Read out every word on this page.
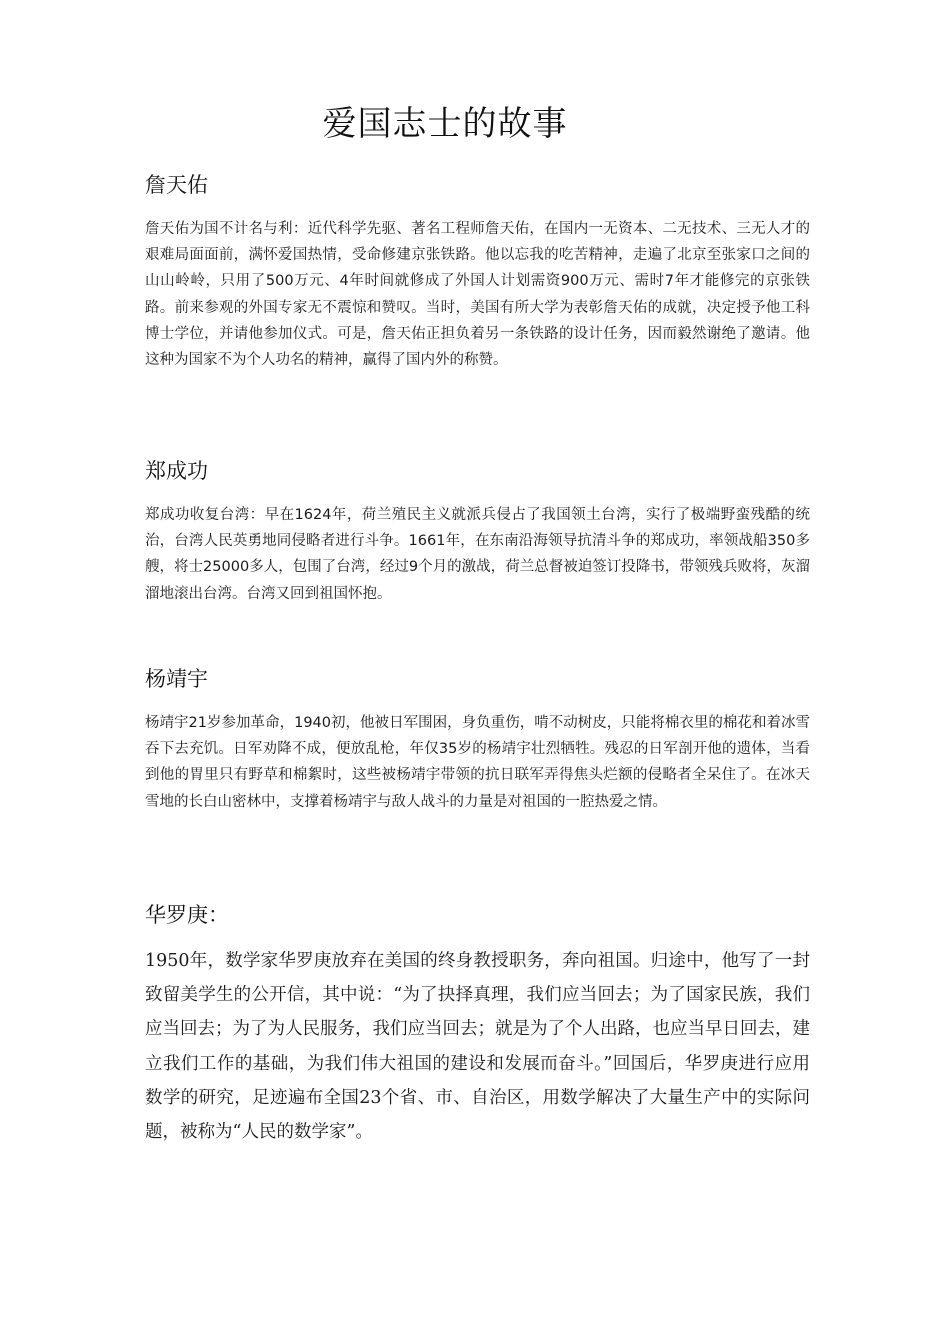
爱国志士的故事
詹天佑
詹天佑为国不计名与利：近代科学先驱、著名工程师詹天佑，在国内一无资本、二无技术、三无人才的艰难局面面前，满怀爱国热情，受命修建京张铁路。他以忘我的吃苦精神，走遍了北京至张家口之间的山山岭岭，只用了500万元、4年时间就修成了外国人计划需资900万元、需时7年才能修完的京张铁路。前来参观的外国专家无不震惊和赞叹。当时，美国有所大学为表彰詹天佑的成就，决定授予他工科博士学位，并请他参加仪式。可是，詹天佑正担负着另一条铁路的设计任务，因而毅然谢绝了邀请。他这种为国家不为个人功名的精神，赢得了国内外的称赞。
郑成功
郑成功收复台湾：早在1624年，荷兰殖民主义就派兵侵占了我国领土台湾，实行了极端野蛮残酷的统治，台湾人民英勇地同侵略者进行斗争。1661年，在东南沿海领导抗清斗争的郑成功，率领战船350多艘，将士25000多人，包围了台湾，经过9个月的激战，荷兰总督被迫签订投降书，带领残兵败将，灰溜溜地滚出台湾。台湾又回到祖国怀抱。
杨靖宇
杨靖宇21岁参加革命，1940初，他被日军围困，身负重伤，啃不动树皮，只能将棉衣里的棉花和着冰雪吞下去充饥。日军劝降不成，便放乱枪，年仅35岁的杨靖宇壮烈牺牲。残忍的日军剖开他的遗体，当看到他的胃里只有野草和棉絮时，这些被杨靖宇带领的抗日联军弄得焦头烂额的侵略者全呆住了。在冰天雪地的长白山密林中，支撑着杨靖宇与敌人战斗的力量是对祖国的一腔热爱之情。
华罗庚：
1950年，数学家华罗庚放弃在美国的终身教授职务，奔向祖国。归途中，他写了一封致留美学生的公开信，其中说：“为了抉择真理，我们应当回去；为了国家民族，我们应当回去；为了为人民服务，我们应当回去；就是为了个人出路，也应当早日回去，建立我们工作的基础，为我们伟大祖国的建设和发展而奋斗。”回国后，华罗庚进行应用数学的研究，足迹遍布全国23个省、市、自治区，用数学解决了大量生产中的实际问题，被称为“人民的数学家”。
